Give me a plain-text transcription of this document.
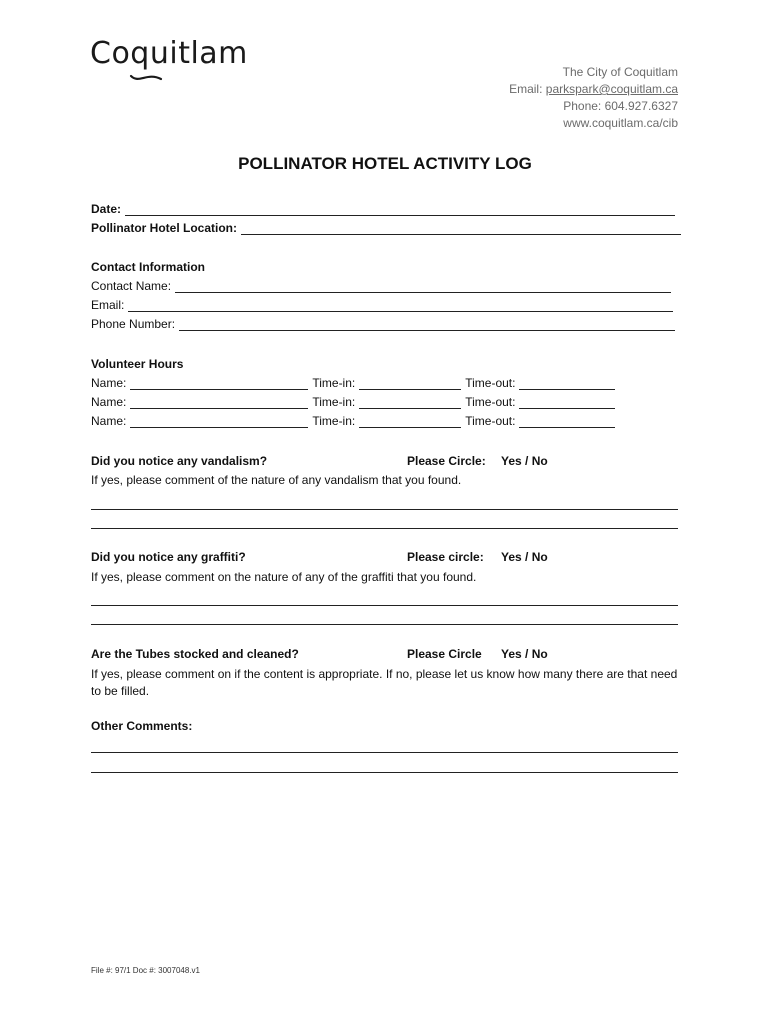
Coquitlam
The City of Coquitlam
Email: parkspark@coquitlam.ca
Phone: 604.927.6327
www.coquitlam.ca/cib
POLLINATOR HOTEL ACTIVITY LOG
Date:
Pollinator Hotel Location:
Contact Information
Contact Name:
Email:
Phone Number:
Volunteer Hours
Name:	Time-in:	Time-out:
Name:	Time-in:	Time-out:
Name:	Time-in:	Time-out:
Did you notice any vandalism?	Please Circle: Yes / No
If yes, please comment of the nature of any vandalism that you found.
Did you notice any graffiti?	Please circle: Yes / No
If yes, please comment on the nature of any of the graffiti that you found.
Are the Tubes stocked and cleaned?	Please Circle Yes / No
If yes, please comment on if the content is appropriate. If no, please let us know how many there are that need to be filled.
Other Comments:
File #: 97/1 Doc #: 3007048.v1
